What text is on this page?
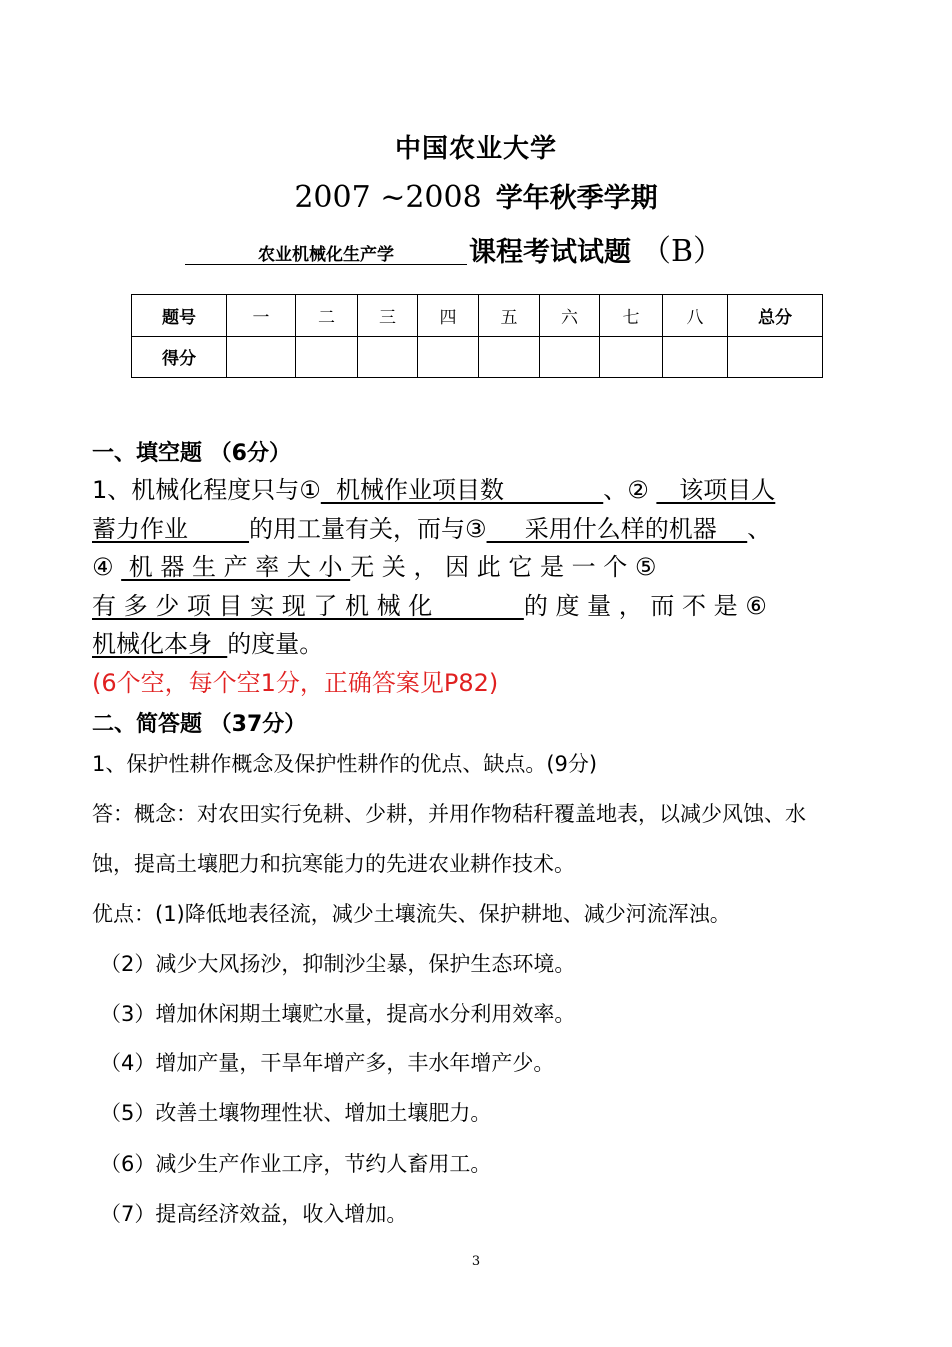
中国农业大学
2007 ~2008 学年秋季学期
农业机械化生产学	课程考试试题 （B）
题号	一	二	三	四	五	六	七	八	总分
得分									
一、填空题 （6分）
1、机械化程度只与①  机械作业项目数             、②    该项目人
蓄力作业        的用工量有关，而与③     采用什么样的机器    、
④  机 器 生 产 率 大 小 无 关 ， 因 此 它 是 一 个 ⑤
有 多 少 项 目 实 现 了 机 械 化            的 度 量 ， 而 不 是 ⑥
机械化本身  的度量。
(6个空，每个空1分，正确答案见P82)
二、简答题 （37分）
1、保护性耕作概念及保护性耕作的优点、缺点。(9分)
答：概念：对农田实行免耕、少耕，并用作物秸秆覆盖地表，以减少风蚀、水
蚀，提高土壤肥力和抗寒能力的先进农业耕作技术。
优点：(1)降低地表径流，减少土壤流失、保护耕地、减少河流浑浊。
（2）减少大风扬沙，抑制沙尘暴，保护生态环境。
（3）增加休闲期土壤贮水量，提高水分利用效率。
（4）增加产量，干旱年增产多，丰水年增产少。
（5）改善土壤物理性状、增加土壤肥力。
（6）减少生产作业工序，节约人畜用工。
（7）提高经济效益，收入增加。
3
